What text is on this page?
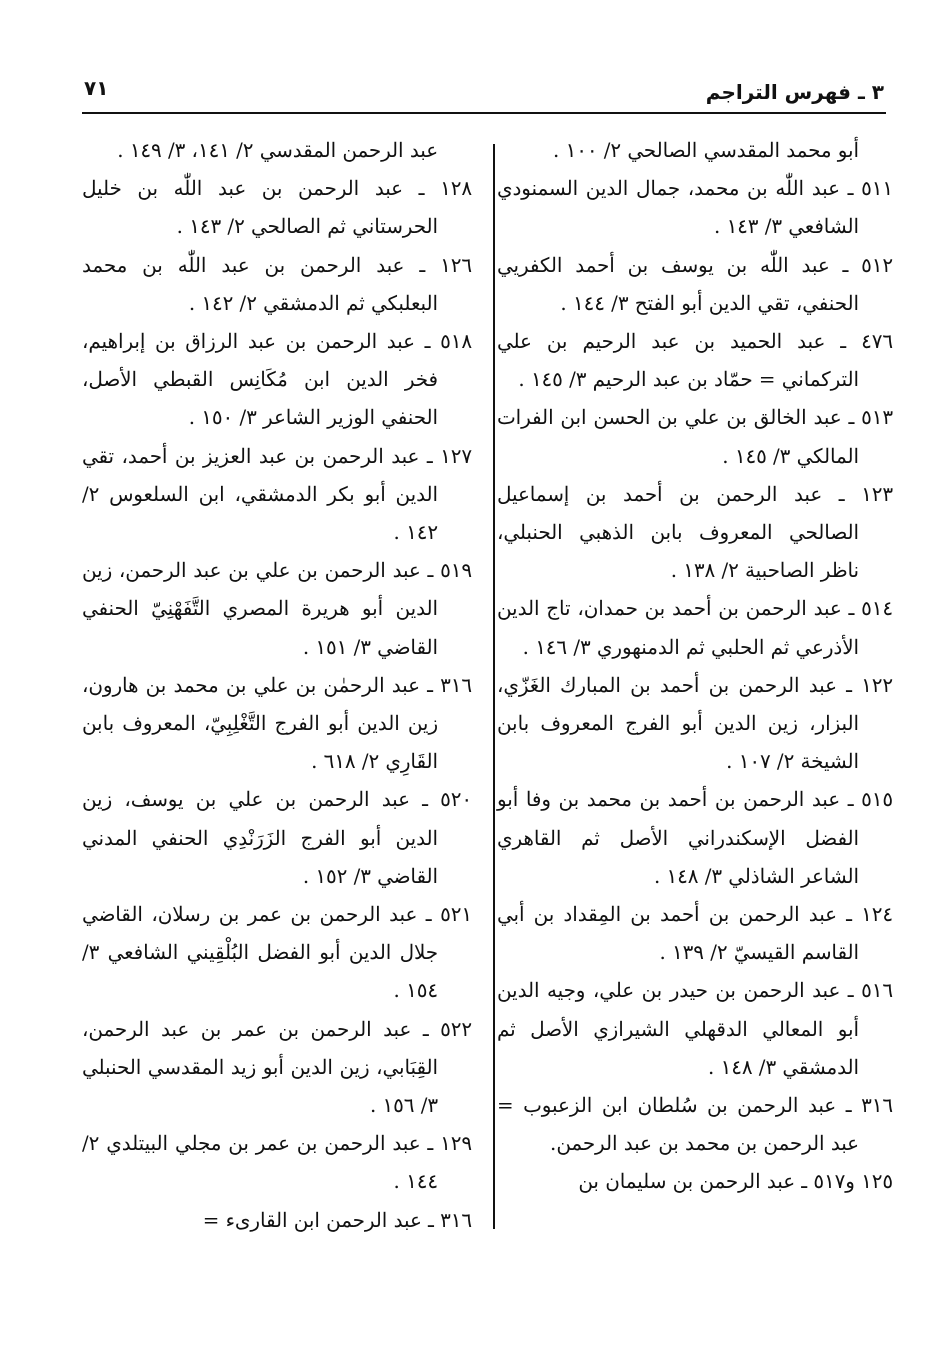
٣ ـ فهرس التراجم
٧١

أبو محمد المقدسي الصالحي ٢/ ١٠٠ .

٥١١ ـ عبد اللّٰه بن محمد، جمال الدين السمنودي الشافعي ٣/ ١٤٣ .

٥١٢ ـ عبد اللّٰه بن يوسف بن أحمد الكفريي الحنفي، تقي الدين أبو الفتح ٣/ ١٤٤ .

٤٧٦ ـ عبد الحميد بن عبد الرحيم بن علي التركماني = حمّاد بن عبد الرحيم ٣/ ١٤٥ .

٥١٣ ـ عبد الخالق بن علي بن الحسن ابن الفرات المالكي ٣/ ١٤٥ .

١٢٣ ـ عبد الرحمن بن أحمد بن إسماعيل الصالحي المعروف بابن الذهبي الحنبلي، ناظر الصاحبية ٢/ ١٣٨ .

٥١٤ ـ عبد الرحمن بن أحمد بن حمدان، تاج الدين الأذرعي ثم الحلبي ثم الدمنهوري ٣/ ١٤٦ .

١٢٢ ـ عبد الرحمن بن أحمد بن المبارك الغَزّي، البزار، زين الدين أبو الفرج المعروف بابن الشيخة ٢/ ١٠٧ .

٥١٥ ـ عبد الرحمن بن أحمد بن محمد بن وفا أبو الفضل الإسكندراني الأصل ثم القاهري الشاعر الشاذلي ٣/ ١٤٨ .

١٢٤ ـ عبد الرحمن بن أحمد بن المِقداد بن أبي القاسم القيسيّ ٢/ ١٣٩ .

٥١٦ ـ عبد الرحمن بن حيدر بن علي، وجيه الدين أبو المعالي الدقهلي الشيرازي الأصل ثم الدمشقي ٣/ ١٤٨ .

٣١٦ ـ عبد الرحمن بن سُلطان ابن الزعبوب = عبد الرحمن بن محمد بن عبد الرحمن.

١٢٥ و٥١٧ ـ عبد الرحمن بن سليمان بن

عبد الرحمن المقدسي ٢/ ١٤١، ٣/ ١٤٩ .

١٢٨ ـ عبد الرحمن بن عبد اللّٰه بن خليل الحرستاني ثم الصالحي ٢/ ١٤٣ .

١٢٦ ـ عبد الرحمن بن عبد اللّٰه بن محمد البعلبكي ثم الدمشقي ٢/ ١٤٢ .

٥١٨ ـ عبد الرحمن بن عبد الرزاق بن إبراهيم، فخر الدين ابن مُكَانِس القبطي الأصل، الحنفي الوزير الشاعر ٣/ ١٥٠ .

١٢٧ ـ عبد الرحمن بن عبد العزيز بن أحمد، تقي الدين أبو بكر الدمشقي، ابن السلعوس ٢/ ١٤٢ .

٥١٩ ـ عبد الرحمن بن علي بن عبد الرحمن، زين الدين أبو هريرة المصري التَّفَهْنِيّ الحنفي القاضي ٣/ ١٥١ .

٣١٦ ـ عبد الرحمٰن بن علي بن محمد بن هارون، زين الدين أبو الفرج التَّغْلِبِيّ، المعروف بابن القَارِي ٢/ ٦١٨ .

٥٢٠ ـ عبد الرحمن بن علي بن يوسف، زين الدين أبو الفرج الزَرَنْدِي الحنفي المدني القاضي ٣/ ١٥٢ .

٥٢١ ـ عبد الرحمن بن عمر بن رسلان، القاضي جلال الدين أبو الفضل البُلْقِيني الشافعي ٣/ ١٥٤ .

٥٢٢ ـ عبد الرحمن بن عمر بن عبد الرحمن، القِبَابي، زين الدين أبو زيد المقدسي الحنبلي ٣/ ١٥٦ .

١٢٩ ـ عبد الرحمن بن عمر بن مجلي البيتلدي ٢/ ١٤٤ .

٣١٦ ـ عبد الرحمن ابن القارىء =
